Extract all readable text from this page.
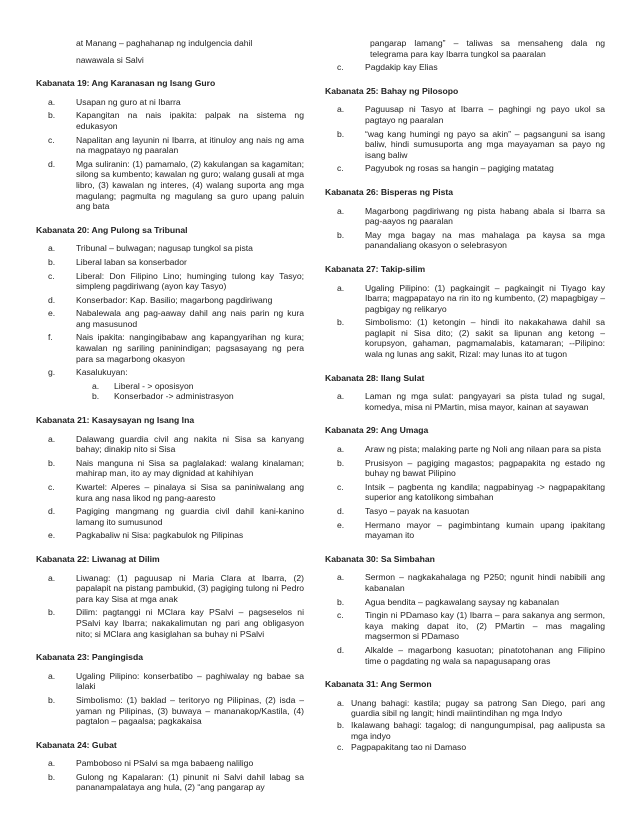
at Manang – paghahanap ng indulgencia dahil
nawawala si Salvi
Kabanata 19: Ang Karanasan ng Isang Guro
a.	Usapan ng guro at ni Ibarra
b.	Kapangitan na nais ipakita: palpak na sistema ng edukasyon
c.	Napalitan ang layunin ni Ibarra, at itinuloy ang nais ng ama na magpatayo ng paaralan
d.	Mga suliranin: (1) pamamalo, (2) kakulangan sa kagamitan; silong sa kumbento; kawalan ng guro; walang gusali at mga libro, (3) kawalan ng interes, (4) walang suporta ang mga magulang; pagmulta ng magulang sa guro upang paluin ang bata
Kabanata 20: Ang Pulong sa Tribunal
a.	Tribunal – bulwagan; nagusap tungkol sa pista
b.	Liberal laban sa konserbador
c.	Liberal: Don Filipino Lino; huminging tulong kay Tasyo; simpleng pagdiriwang (ayon kay Tasyo)
d.	Konserbador: Kap. Basilio; magarbong pagdiriwang
e.	Nabalewala ang pag-aaway dahil ang nais parin ng kura ang masusunod
f.	Nais ipakita: nangingibabaw ang kapangyarihan ng kura; kawalan ng sariling paninindigan; pagsasayang ng pera para sa magarbong okasyon
g.	Kasalukuyan:
a.	Liberal - > oposisyon
b.	Konserbador -> administrasyon
Kabanata 21: Kasaysayan ng Isang Ina
a.	Dalawang guardia civil ang nakita ni Sisa sa kanyang bahay; dinakip nito si Sisa
b.	Nais manguna ni Sisa sa paglalakad: walang kinalaman; mahirap man, ito ay may dignidad at kahihiyan
c.	Kwartel: Alperes – pinalaya si Sisa sa paniniwalang ang kura ang nasa likod ng pang-aaresto
d.	Pagiging mangmang ng guardia civil dahil kani-kanino lamang ito sumusunod
e.	Pagkabaliw ni Sisa: pagkabulok ng Pilipinas
Kabanata 22: Liwanag at Dilim
a.	Liwanag: (1) paguusap ni Maria Clara at Ibarra, (2) papalapit na pistang pambukid, (3) pagiging tulong ni Pedro para kay Sisa at mga anak
b.	Dilim: pagtanggi ni MClara kay PSalvi – pagseselos ni PSalvi kay Ibarra; nakakalimutan ng pari ang obligasyon nito; si MClara ang kasiglahan sa buhay ni PSalvi
Kabanata 23: Pangingisda
a.	Ugaling Pilipino: konserbatibo – paghiwalay ng babae sa lalaki
b.	Simbolismo: (1) baklad – teritoryo ng Pilipinas, (2) isda – yaman ng Pilipinas, (3) buwaya – mananakop/Kastila, (4) pagtalon – pagaalsa; pagkakaisa
Kabanata 24: Gubat
a.	Pamboboso ni PSalvi sa mga babaeng naliligo
b.	Gulong ng Kapalaran: (1) pinunit ni Salvi dahil labag sa pananampalataya ang hula, (2) “ang pangarap ay
pangarap lamang” – taliwas sa mensaheng dala ng telegrama para kay Ibarra tungkol sa paaralan
c.	Pagdakip kay Elias
Kabanata 25: Bahay ng Pilosopo
a.	Paguusap ni Tasyo at Ibarra – paghingi ng payo ukol sa pagtayo ng paaralan
b.	“wag kang humingi ng payo sa akin” – pagsanguni sa isang baliw, hindi sumusuporta ang mga mayayaman sa payo ng isang baliw
c.	Pagyubok ng rosas sa hangin – pagiging matatag
Kabanata 26: Bisperas ng Pista
a.	Magarbong pagdiriwang ng pista habang abala si Ibarra sa pag-aayos ng paaralan
b.	May mga bagay na mas mahalaga pa kaysa sa mga panandaliang okasyon o selebrasyon
Kabanata 27: Takip-silim
a.	Ugaling Pilipino: (1) pagkaingit – pagkaingit ni Tiyago kay Ibarra; magpapatayo na rin ito ng kumbento, (2) mapagbigay – pagbigay ng relikaryo
b.	Simbolismo: (1) ketongin – hindi ito nakakahawa dahil sa paglapit ni Sisa dito; (2) sakit sa lipunan ang ketong – korupsyon, gahaman, pagmamalabis, katamaran; --Pilipino: wala ng lunas ang sakit, Rizal: may lunas ito at tugon
Kabanata 28: Ilang Sulat
a.	Laman ng mga sulat: pangyayari sa pista tulad ng sugal, komedya, misa ni PMartin, misa mayor, kainan at sayawan
Kabanata 29: Ang Umaga
a.	Araw ng pista; malaking parte ng Noli ang nilaan para sa pista
b.	Prusisyon – pagiging magastos; pagpapakita ng estado ng buhay ng bawat Pilipino
c.	Intsik – pagbenta ng kandila; nagpabinyag -> nagpapakitang superior ang katolikong simbahan
d.	Tasyo – payak na kasuotan
e.	Hermano mayor – pagimbintang kumain upang ipakitang mayaman ito
Kabanata 30: Sa Simbahan
a.	Sermon – nagkakahalaga ng P250; ngunit hindi nabibili ang kabanalan
b.	Agua bendita – pagkawalang saysay ng kabanalan
c.	Tingin ni PDamaso kay (1) Ibarra – para sakanya ang sermon, kaya making dapat ito, (2) PMartin – mas magaling magsermon si PDamaso
d.	Alkalde – magarbong kasuotan; pinatotohanan ang Filipino time o pagdating ng wala sa napagusapang oras
Kabanata 31: Ang Sermon
a. Unang bahagi: kastila; pugay sa patrong San Diego, pari ang guardia sibil ng langit; hindi maiintindihan ng mga Indyo
b. Ikalawang bahagi: tagalog; di nangungumpisal, pag aalipusta sa mga indyo
c. Pagpapakitang tao ni Damaso
